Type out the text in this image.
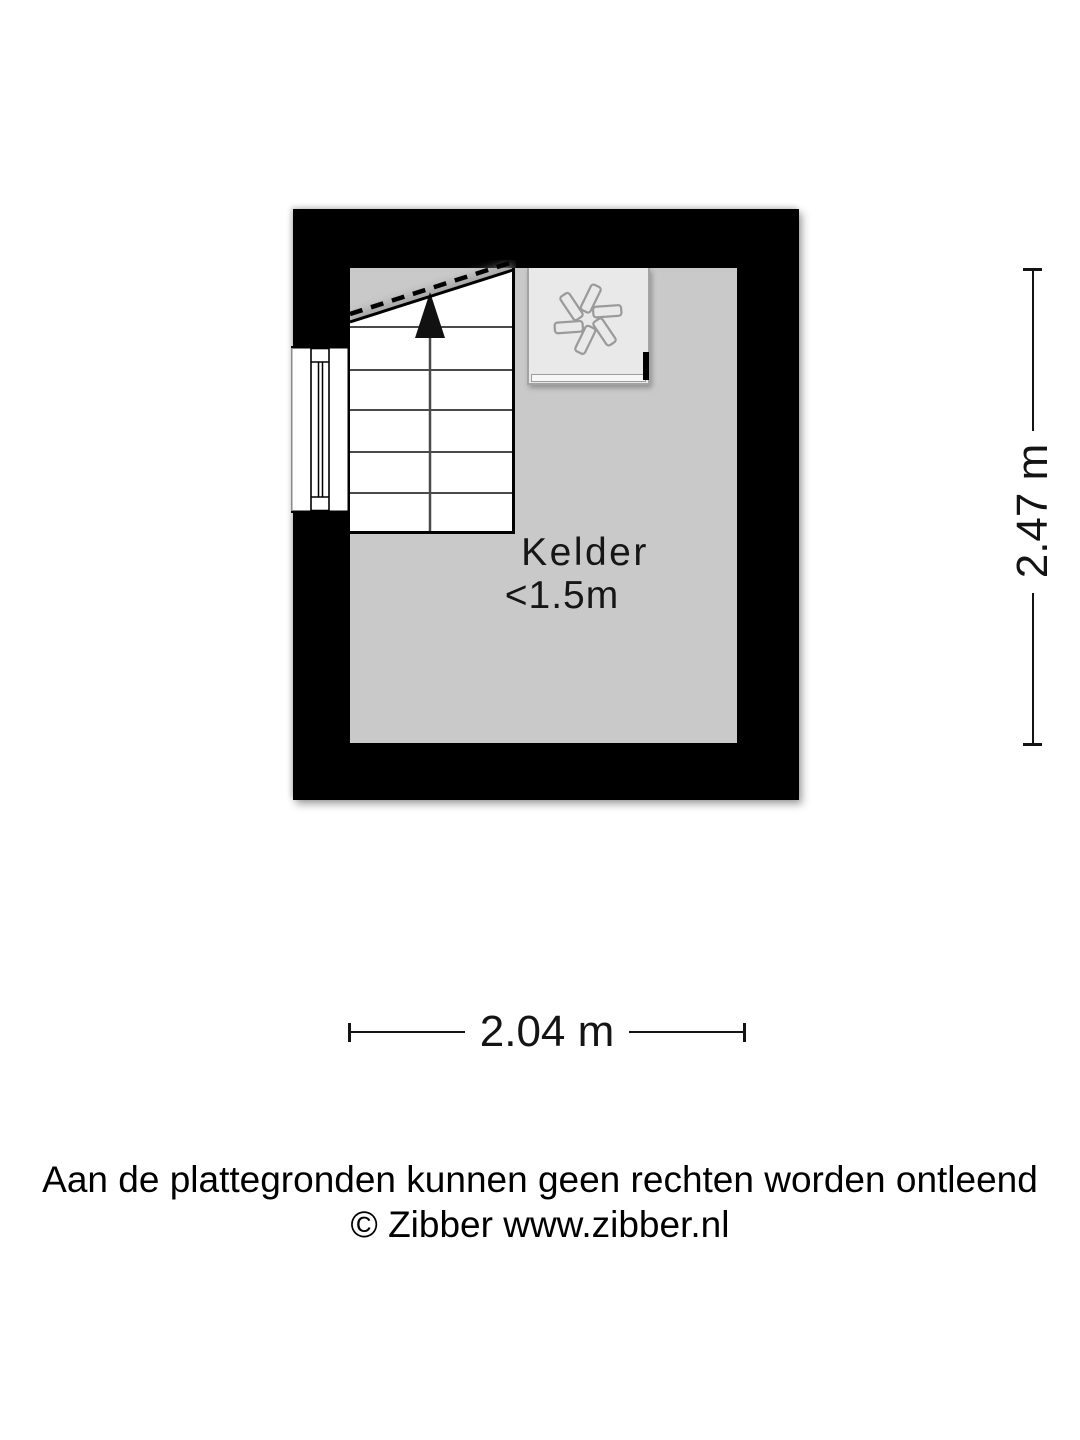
Kelder
<1.5m
2.47 m
2.04 m
Aan de plattegronden kunnen geen rechten worden ontleend
© Zibber www.zibber.nl
